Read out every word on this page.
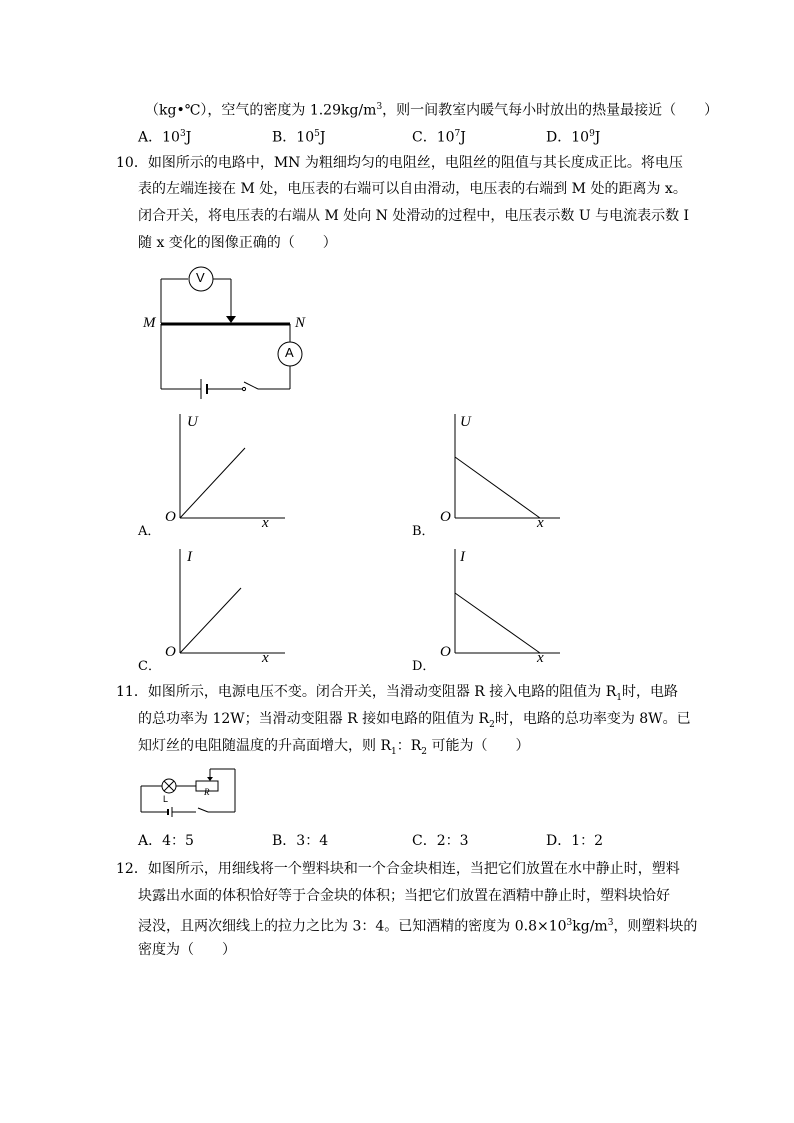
（kg•℃），空气的密度为 $1.29kg/m^3$，则一间教室内暖气每小时放出的热量最接近（　　）
A．$10^3J$	B．$10^5J$	C．$10^7J$	D．$10^9J$
10．如图所示的电路中，MN 为粗细均匀的电阻丝，电阻丝的阻值与其长度成正比。将电压
表的左端连接在 M 处，电压表的右端可以自由滑动，电压表的右端到 M 处的距离为 x。
闭合开关，将电压表的右端从 M 处向 N 处滑动的过程中，电压表示数 U 与电流表示数 I
随 x 变化的图像正确的（　　）
M	N
V
A
U
O	x
A．
U
O	x
B．
I
O	x
C．
I
O	x
D．
11．如图所示，电源电压不变。闭合开关，当滑动变阻器 R 接入电路的阻值为 $R_1$时，电路
的总功率为 12W；当滑动变阻器 R 接如电路的阻值为 $R_2$时，电路的总功率变为 8W。已
知灯丝的电阻随温度的升高面增大，则 $R_1$：$R_2$ 可能为（　　）
L
R
A．4：5	B．3：4	C．2：3	D．1：2
12．如图所示，用细线将一个塑料块和一个合金块相连，当把它们放置在水中静止时，塑料
块露出水面的体积恰好等于合金块的体积；当把它们放置在酒精中静止时，塑料块恰好
浸没，且两次细线上的拉力之比为 3：4。已知酒精的密度为 $0.8\times 10^3kg/m^3$，则塑料块的
密度为（　　）
